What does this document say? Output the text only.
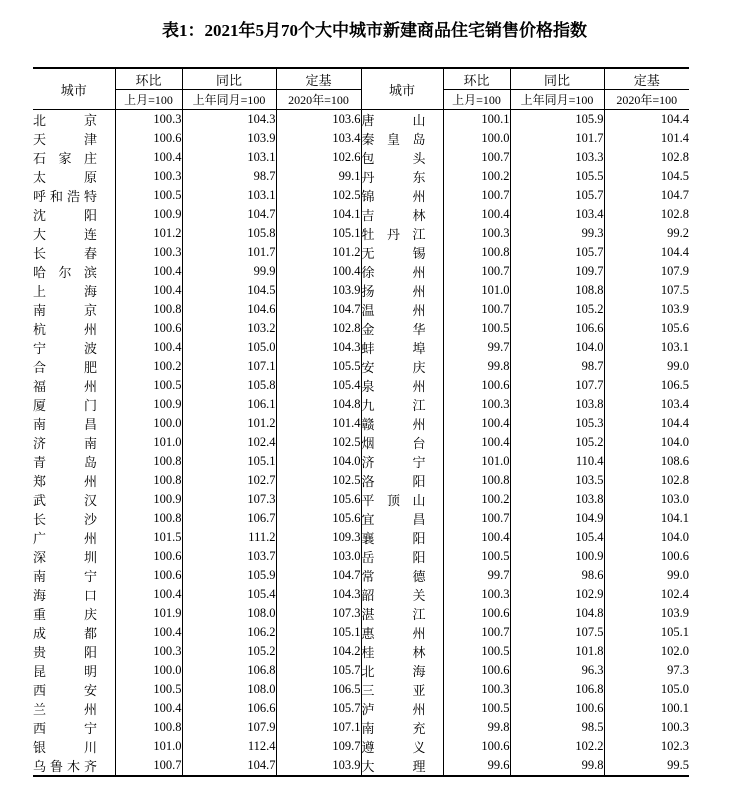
表1：2021年5月70个大中城市新建商品住宅销售价格指数
城市	环比	同比	定基	城市	环比	同比	定基
	上月=100	上年同月=100	2020年=100		上月=100	上年同月=100	2020年=100
北京	100.3	104.3	103.6	唐山	100.1	105.9	104.4
天津	100.6	103.9	103.4	秦皇岛	100.0	101.7	101.4
石家庄	100.4	103.1	102.6	包头	100.7	103.3	102.8
太原	100.3	98.7	99.1	丹东	100.2	105.5	104.5
呼和浩特	100.5	103.1	102.5	锦州	100.7	105.7	104.7
沈阳	100.9	104.7	104.1	吉林	100.4	103.4	102.8
大连	101.2	105.8	105.1	牡丹江	100.3	99.3	99.2
长春	100.3	101.7	101.2	无锡	100.8	105.7	104.4
哈尔滨	100.4	99.9	100.4	徐州	100.7	109.7	107.9
上海	100.4	104.5	103.9	扬州	101.0	108.8	107.5
南京	100.8	104.6	104.7	温州	100.7	105.2	103.9
杭州	100.6	103.2	102.8	金华	100.5	106.6	105.6
宁波	100.4	105.0	104.3	蚌埠	99.7	104.0	103.1
合肥	100.2	107.1	105.5	安庆	99.8	98.7	99.0
福州	100.5	105.8	105.4	泉州	100.6	107.7	106.5
厦门	100.9	106.1	104.8	九江	100.3	103.8	103.4
南昌	100.0	101.2	101.4	赣州	100.4	105.3	104.4
济南	101.0	102.4	102.5	烟台	100.4	105.2	104.0
青岛	100.8	105.1	104.0	济宁	101.0	110.4	108.6
郑州	100.8	102.7	102.5	洛阳	100.8	103.5	102.8
武汉	100.9	107.3	105.6	平顶山	100.2	103.8	103.0
长沙	100.8	106.7	105.6	宜昌	100.7	104.9	104.1
广州	101.5	111.2	109.3	襄阳	100.4	105.4	104.0
深圳	100.6	103.7	103.0	岳阳	100.5	100.9	100.6
南宁	100.6	105.9	104.7	常德	99.7	98.6	99.0
海口	100.4	105.4	104.3	韶关	100.3	102.9	102.4
重庆	101.9	108.0	107.3	湛江	100.6	104.8	103.9
成都	100.4	106.2	105.1	惠州	100.7	107.5	105.1
贵阳	100.3	105.2	104.2	桂林	100.5	101.8	102.0
昆明	100.0	106.8	105.7	北海	100.6	96.3	97.3
西安	100.5	108.0	106.5	三亚	100.3	106.8	105.0
兰州	100.4	106.6	105.7	泸州	100.5	100.6	100.1
西宁	100.8	107.9	107.1	南充	99.8	98.5	100.3
银川	101.0	112.4	109.7	遵义	100.6	102.2	102.3
乌鲁木齐	100.7	104.7	103.9	大理	99.6	99.8	99.5
